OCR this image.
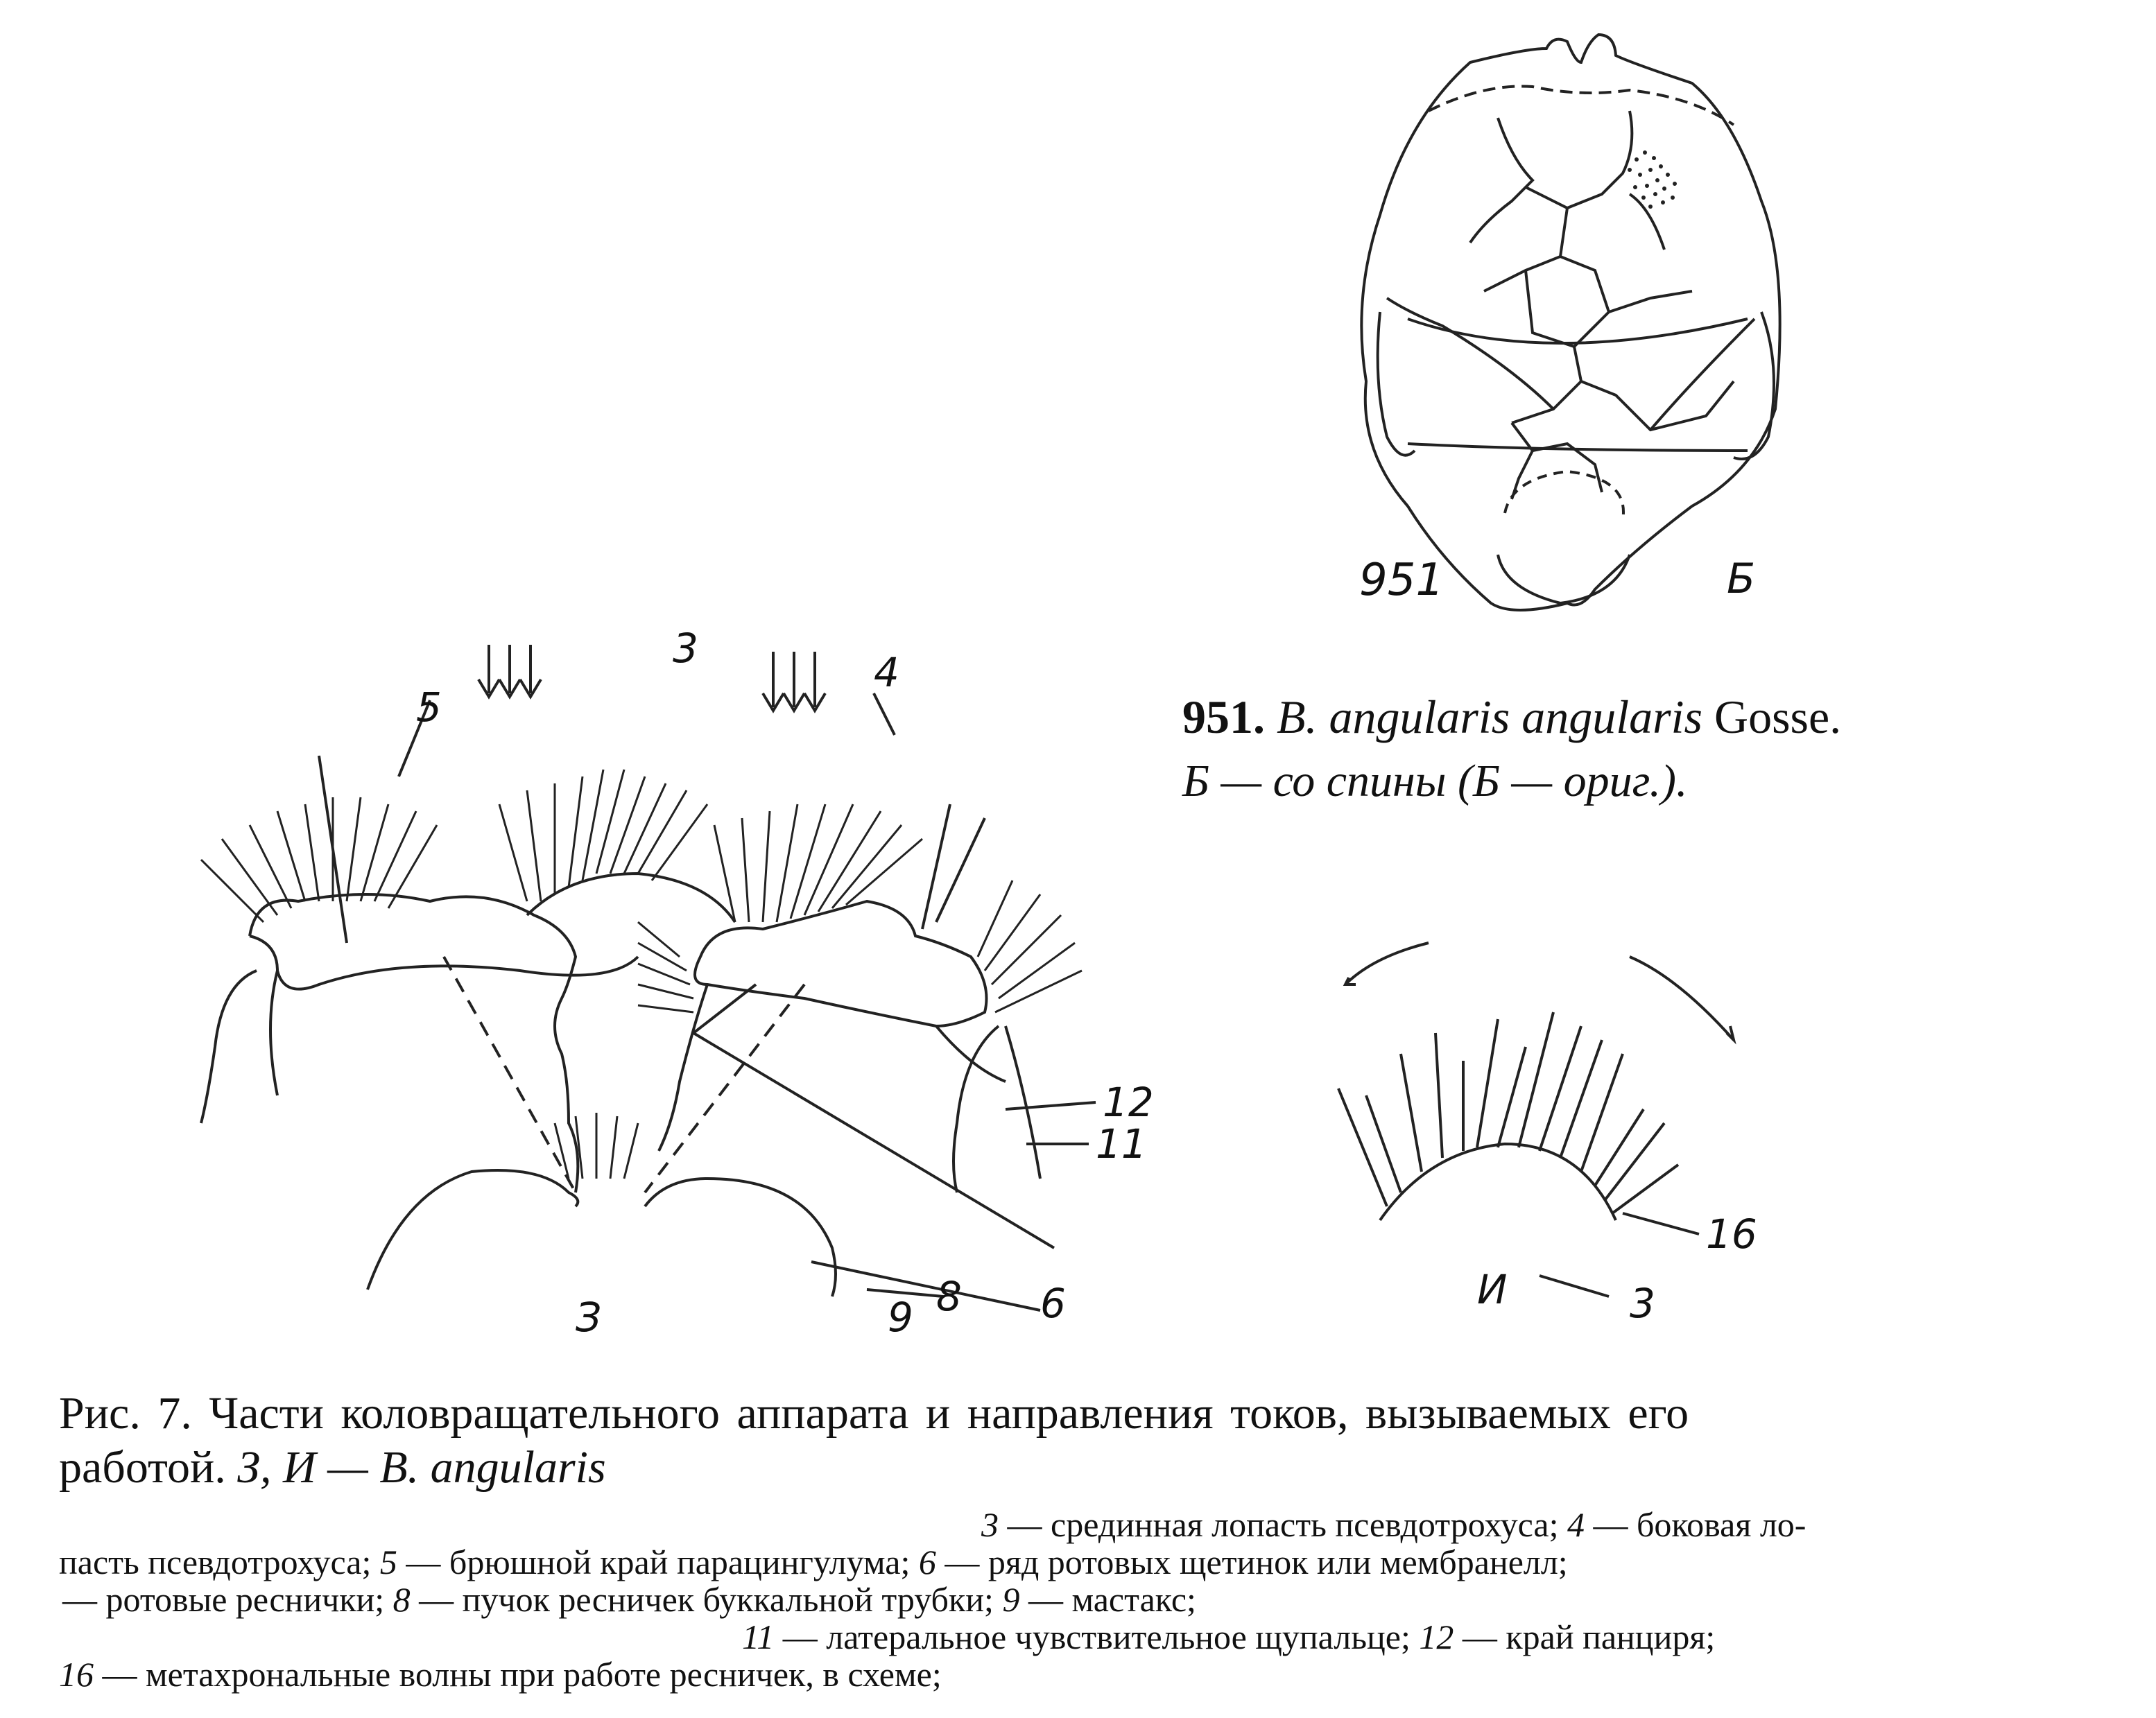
951	Б
951. B. angularis angularis Gosse.
Б — со спины (Б — ориг.).
3
4
5
12
11
8 6
9
З
16
3
И
Рис. 7. Части коловращательного аппарата и направления токов, вызываемых его
работой. З, И — B. angularis
3 — срединная лопасть псевдотрохуса; 4 — боковая ло-
пасть псевдотрохуса; 5 — брюшной край парацингулума; 6 — ряд ротовых щетинок или мембранелл;
— ротовые реснички; 8 — пучок ресничек буккальной трубки; 9 — мастакс;
11 — латеральное чувствительное щупальце; 12 — край панциря;
16 — метахрональные волны при работе ресничек, в схеме;
